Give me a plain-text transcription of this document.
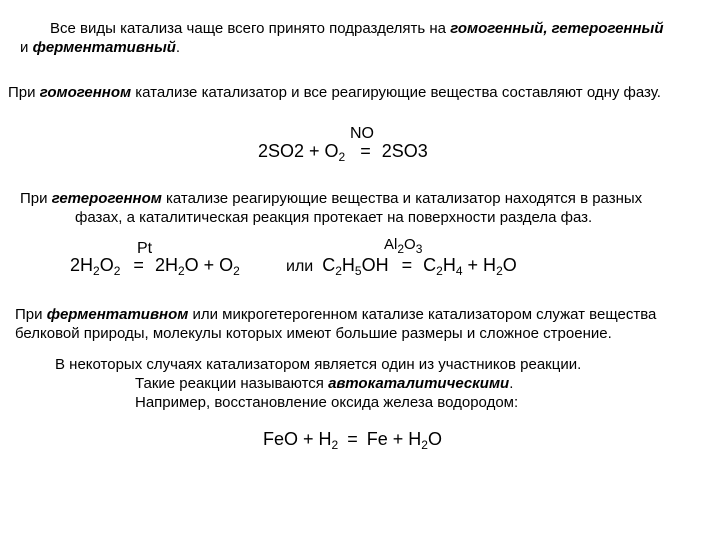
Все виды катализа чаще всего принято подразделять на гомогенный, гетерогенный
и ферментативный.
При гомогенном катализе катализатор и все реагирующие вещества составляют одну фазу.
NO
$2SO2 + O_2 = 2SO3$
При гетерогенном катализе реагирующие вещества и катализатор находятся в разных
фазах, а каталитическая реакция протекает на поверхности раздела фаз.
Pt
$2H_2O_2 = 2H_2O + O_2$
$Al_2O_3$
или $C_2H_5OH = C_2H_4 + H_2O$
При ферментативном или микрогетерогенном катализе катализатором служат вещества
белковой природы, молекулы которых имеют большие размеры и сложное строение.
В некоторых случаях катализатором является один из участников реакции.
Такие реакции называются автокаталитическими.
Например, восстановление оксида железа водородом:
FeO + $H_2 = Fe + H_2O$
